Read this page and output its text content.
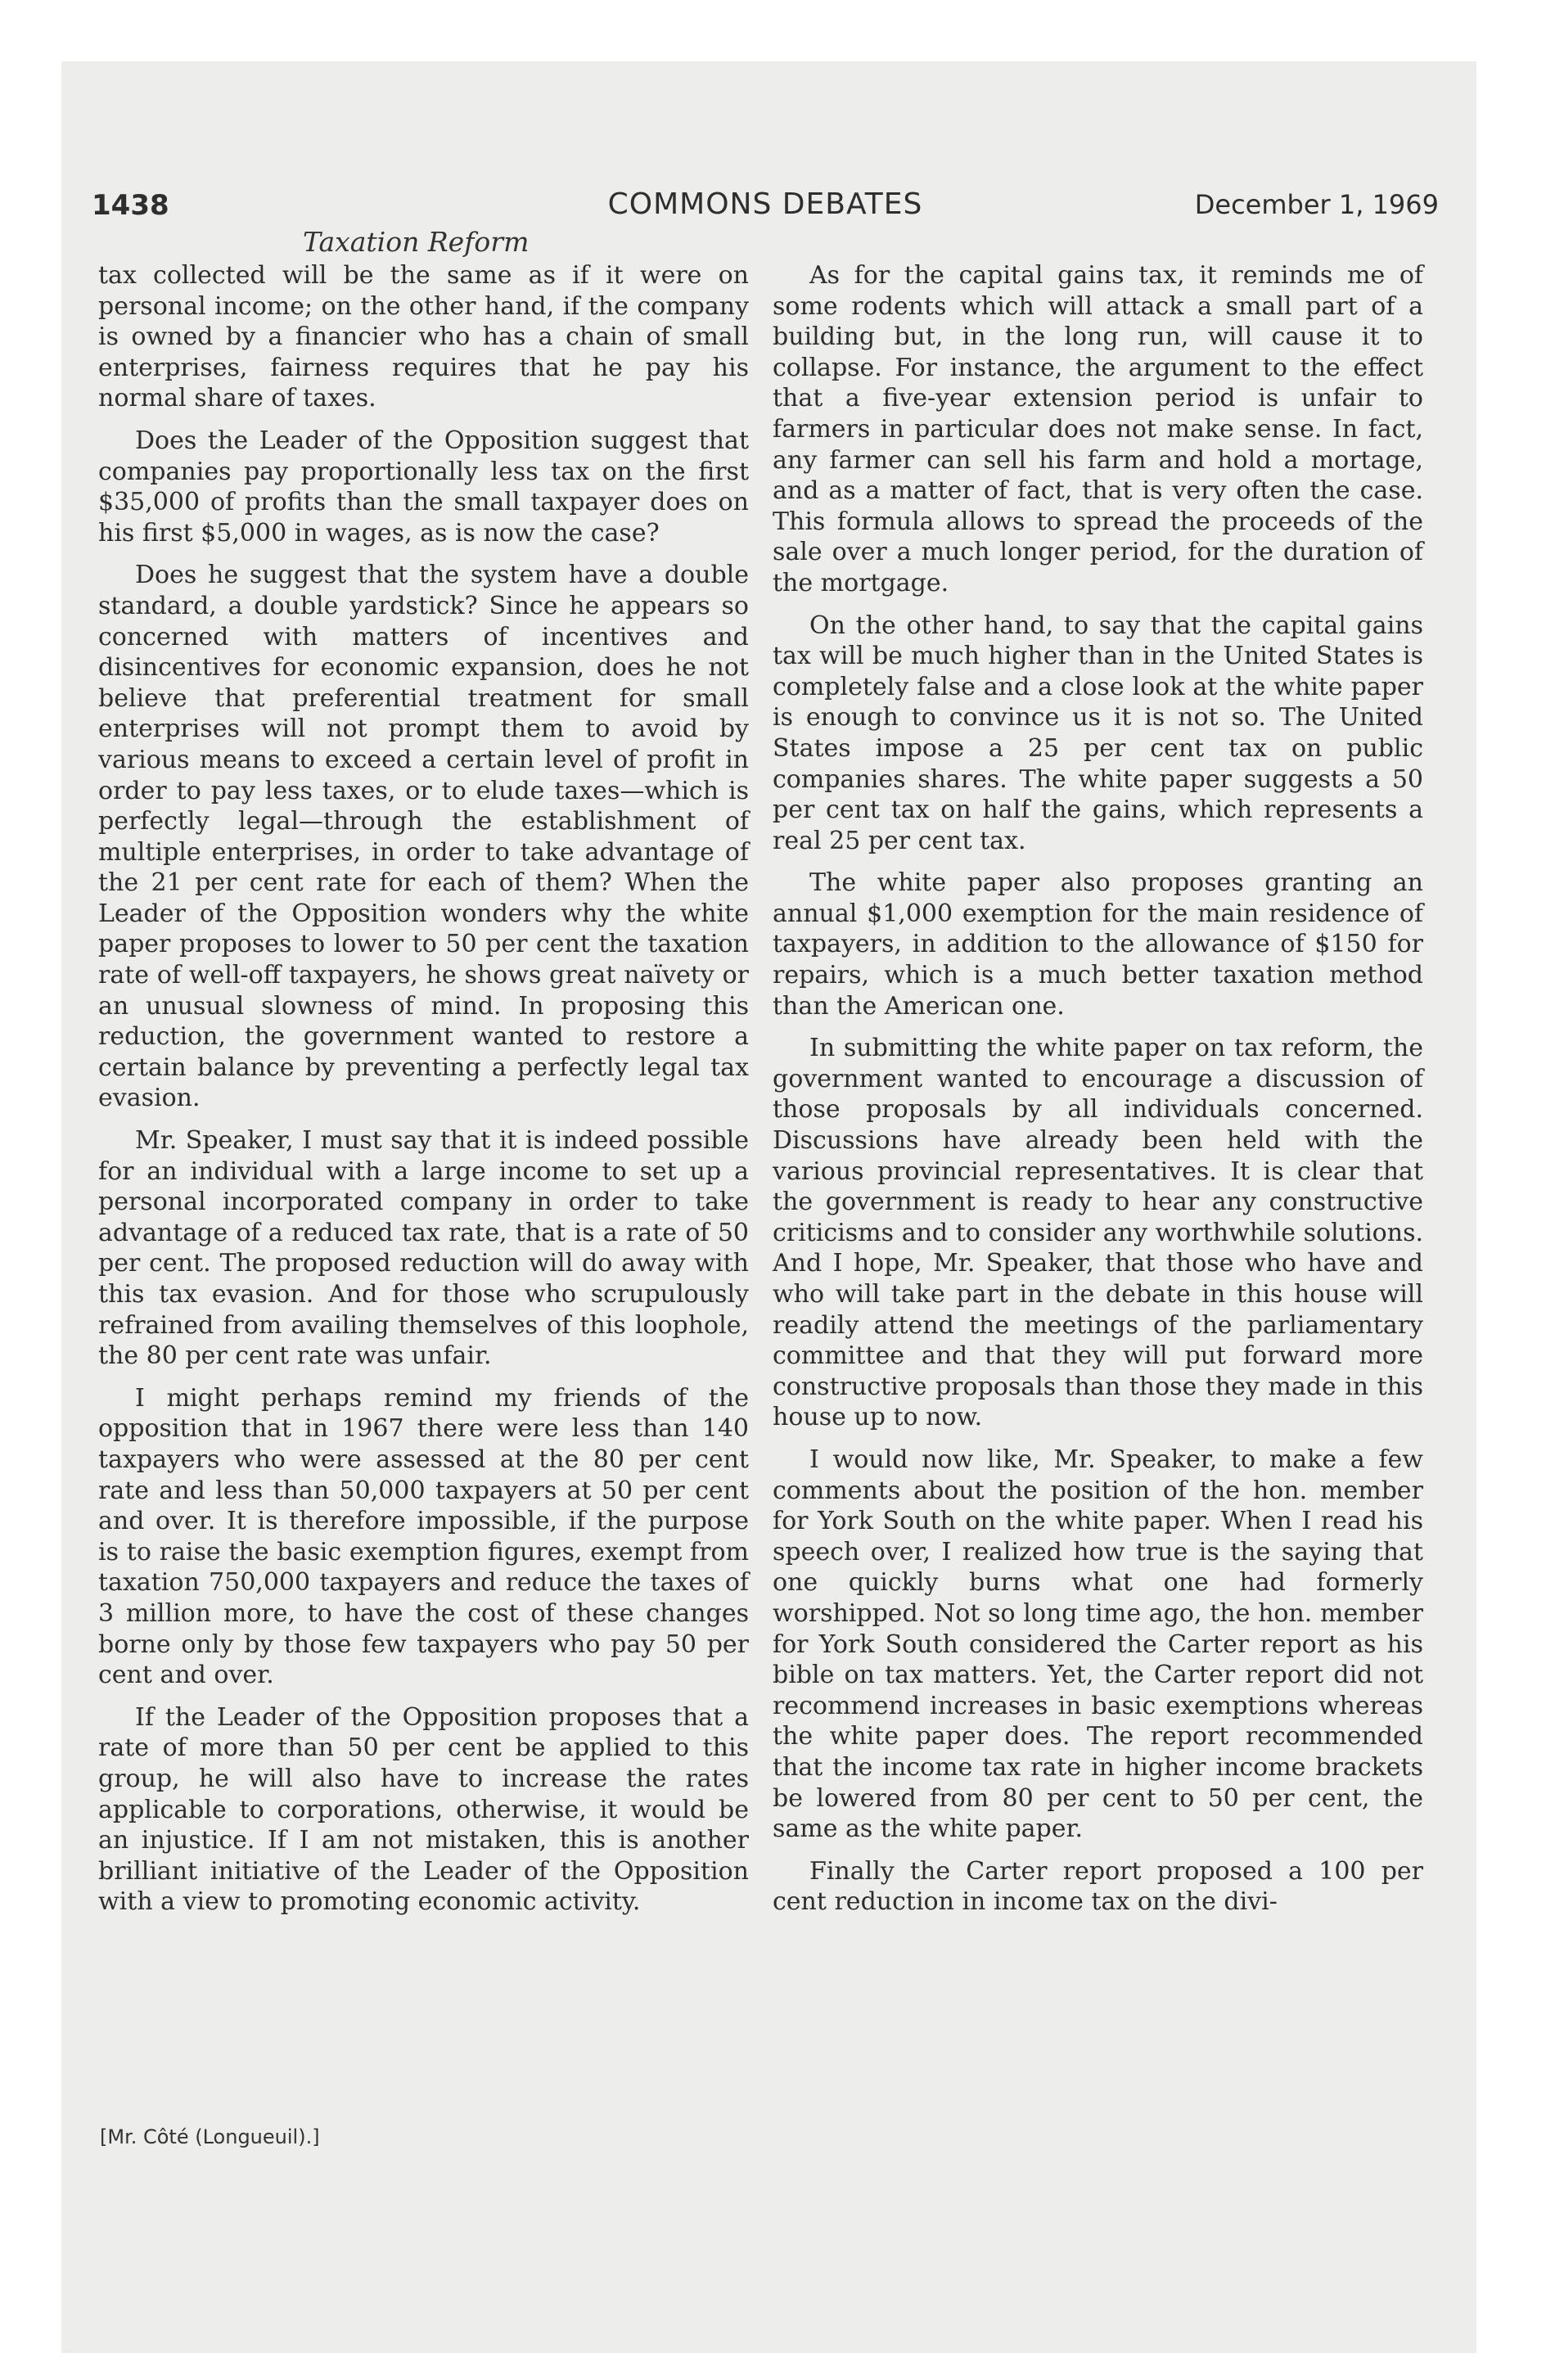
1438	COMMONS DEBATES	December 1, 1969
Taxation Reform

tax collected will be the same as if it were on personal income; on the other hand, if the company is owned by a financier who has a chain of small enterprises, fairness requires that he pay his normal share of taxes.

Does the Leader of the Opposition suggest that companies pay proportionally less tax on the first $35,000 of profits than the small taxpayer does on his first $5,000 in wages, as is now the case?

Does he suggest that the system have a double standard, a double yardstick? Since he appears so concerned with matters of incentives and disincentives for economic expansion, does he not believe that preferential treatment for small enterprises will not prompt them to avoid by various means to exceed a certain level of profit in order to pay less taxes, or to elude taxes—which is perfectly legal—through the establishment of multiple enterprises, in order to take advantage of the 21 per cent rate for each of them? When the Leader of the Opposition wonders why the white paper proposes to lower to 50 per cent the taxation rate of well-off taxpayers, he shows great naïvety or an unusual slowness of mind. In proposing this reduction, the government wanted to restore a certain balance by preventing a perfectly legal tax evasion.

Mr. Speaker, I must say that it is indeed possible for an individual with a large income to set up a personal incorporated company in order to take advantage of a reduced tax rate, that is a rate of 50 per cent. The proposed reduction will do away with this tax evasion. And for those who scrupulously refrained from availing themselves of this loophole, the 80 per cent rate was unfair.

I might perhaps remind my friends of the opposition that in 1967 there were less than 140 taxpayers who were assessed at the 80 per cent rate and less than 50,000 taxpayers at 50 per cent and over. It is therefore impossible, if the purpose is to raise the basic exemption figures, exempt from taxation 750,000 taxpayers and reduce the taxes of 3 million more, to have the cost of these changes borne only by those few taxpayers who pay 50 per cent and over.

If the Leader of the Opposition proposes that a rate of more than 50 per cent be applied to this group, he will also have to increase the rates applicable to corporations, otherwise, it would be an injustice. If I am not mistaken, this is another brilliant initiative of the Leader of the Opposition with a view to promoting economic activity.

[Mr. Côté (Longueuil).]

As for the capital gains tax, it reminds me of some rodents which will attack a small part of a building but, in the long run, will cause it to collapse. For instance, the argument to the effect that a five-year extension period is unfair to farmers in particular does not make sense. In fact, any farmer can sell his farm and hold a mortage, and as a matter of fact, that is very often the case. This formula allows to spread the proceeds of the sale over a much longer period, for the duration of the mortgage.

On the other hand, to say that the capital gains tax will be much higher than in the United States is completely false and a close look at the white paper is enough to convince us it is not so. The United States impose a 25 per cent tax on public companies shares. The white paper suggests a 50 per cent tax on half the gains, which represents a real 25 per cent tax.

The white paper also proposes granting an annual $1,000 exemption for the main residence of taxpayers, in addition to the allowance of $150 for repairs, which is a much better taxation method than the American one.

In submitting the white paper on tax reform, the government wanted to encourage a discussion of those proposals by all individuals concerned. Discussions have already been held with the various provincial representatives. It is clear that the government is ready to hear any constructive criticisms and to consider any worthwhile solutions. And I hope, Mr. Speaker, that those who have and who will take part in the debate in this house will readily attend the meetings of the parliamentary committee and that they will put forward more constructive proposals than those they made in this house up to now.

I would now like, Mr. Speaker, to make a few comments about the position of the hon. member for York South on the white paper. When I read his speech over, I realized how true is the saying that one quickly burns what one had formerly worshipped. Not so long time ago, the hon. member for York South considered the Carter report as his bible on tax matters. Yet, the Carter report did not recommend increases in basic exemptions whereas the white paper does. The report recommended that the income tax rate in higher income brackets be lowered from 80 per cent to 50 per cent, the same as the white paper.

Finally the Carter report proposed a 100 per cent reduction in income tax on the divi-
